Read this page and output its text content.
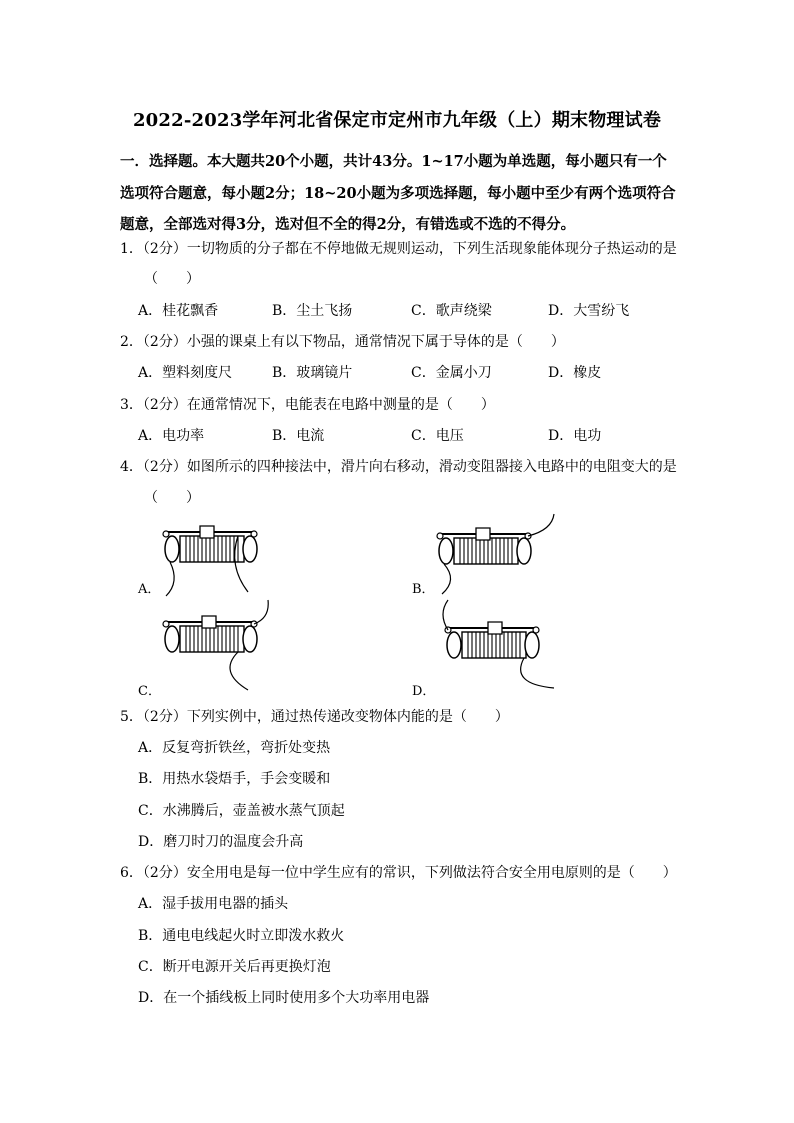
2022-2023学年河北省保定市定州市九年级（上）期末物理试卷
一．选择题。本大题共20个小题，共计43分。1~17小题为单选题，每小题只有一个选项符合题意，每小题2分；18~20小题为多项选择题，每小题中至少有两个选项符合题意，全部选对得3分，选对但不全的得2分，有错选或不选的不得分。
1．（2分）一切物质的分子都在不停地做无规则运动，下列生活现象能体现分子热运动的是
（　　）
A．桂花飘香	B．尘土飞扬	C．歌声绕梁	D．大雪纷飞
2．（2分）小强的课桌上有以下物品，通常情况下属于导体的是（　　）
A．塑料刻度尺	B．玻璃镜片	C．金属小刀	D．橡皮
3．（2分）在通常情况下，电能表在电路中测量的是（　　）
A．电功率	B．电流	C．电压	D．电功
4．（2分）如图所示的四种接法中，滑片向右移动，滑动变阻器接入电路中的电阻变大的是
（　　）
A．	B．
C．	D．
5．（2分）下列实例中，通过热传递改变物体内能的是（　　）
A．反复弯折铁丝，弯折处变热
B．用热水袋焐手，手会变暖和
C．水沸腾后，壶盖被水蒸气顶起
D．磨刀时刀的温度会升高
6．（2分）安全用电是每一位中学生应有的常识，下列做法符合安全用电原则的是（　　）
A．湿手拔用电器的插头
B．通电电线起火时立即泼水救火
C．断开电源开关后再更换灯泡
D．在一个插线板上同时使用多个大功率用电器
